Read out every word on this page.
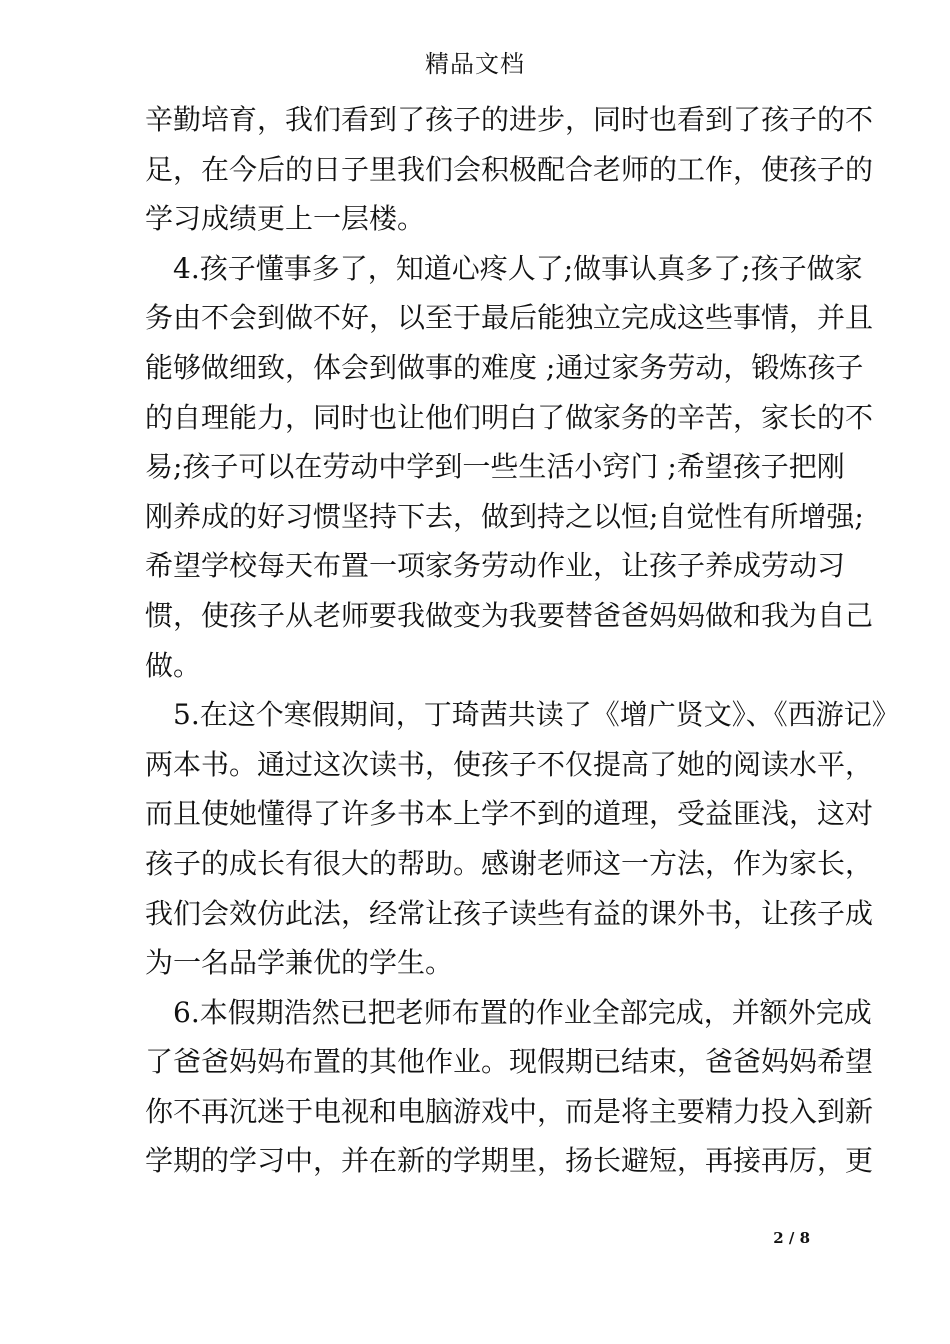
精品文档
辛勤培育，我们看到了孩子的进步，同时也看到了孩子的不
足，在今后的日子里我们会积极配合老师的工作，使孩子的
学习成绩更上一层楼。
4.孩子懂事多了，知道心疼人了;做事认真多了;孩子做家
务由不会到做不好，以至于最后能独立完成这些事情，并且
能够做细致，体会到做事的难度 ;通过家务劳动，锻炼孩子
的自理能力，同时也让他们明白了做家务的辛苦，家长的不
易;孩子可以在劳动中学到一些生活小窍门 ;希望孩子把刚
刚养成的好习惯坚持下去，做到持之以恒;自觉性有所增强;
希望学校每天布置一项家务劳动作业，让孩子养成劳动习
惯，使孩子从老师要我做变为我要替爸爸妈妈做和我为自己
做。
5.在这个寒假期间，丁琦茜共读了《增广贤文》、《西游记》
两本书。通过这次读书，使孩子不仅提高了她的阅读水平，
而且使她懂得了许多书本上学不到的道理，受益匪浅，这对
孩子的成长有很大的帮助。感谢老师这一方法，作为家长，
我们会效仿此法，经常让孩子读些有益的课外书，让孩子成
为一名品学兼优的学生。
6.本假期浩然已把老师布置的作业全部完成，并额外完成
了爸爸妈妈布置的其他作业。现假期已结束，爸爸妈妈希望
你不再沉迷于电视和电脑游戏中，而是将主要精力投入到新
学期的学习中，并在新的学期里，扬长避短，再接再厉，更
2 / 8
